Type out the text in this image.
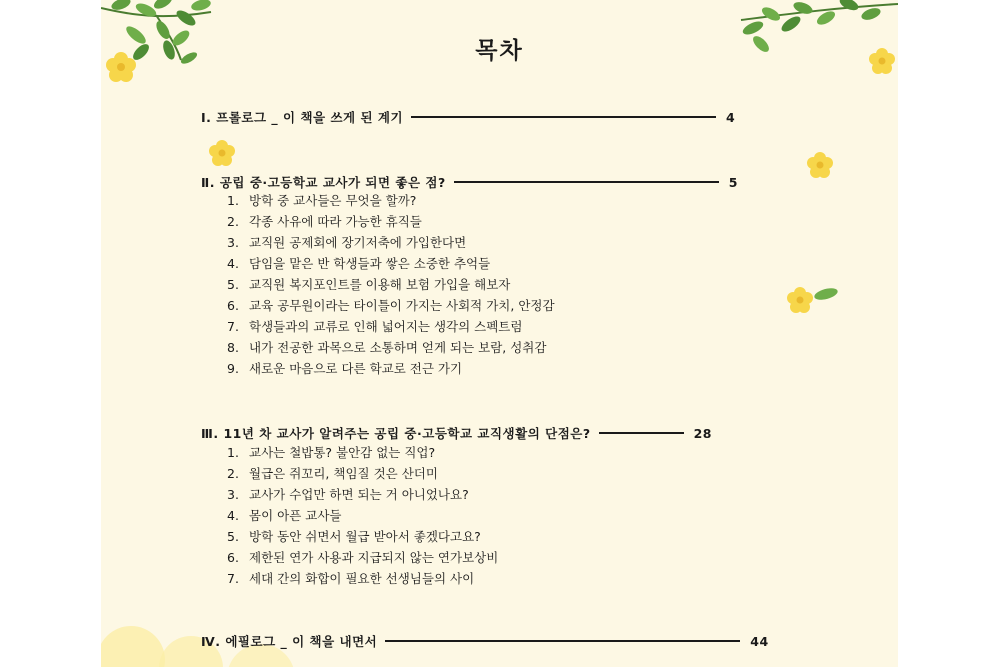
목차
Ⅰ.
프롤로그 _ 이 책을 쓰게 된 계기	4
Ⅱ.
공립 중·고등학교 교사가 되면 좋은 점?	5
1. 방학 중 교사들은 무엇을 할까?
2. 각종 사유에 따라 가능한 휴직들
3. 교직원 공제회에 장기저축에 가입한다면
4. 담임을 맡은 반 학생들과 쌓은 소중한 추억들
5. 교직원 복지포인트를 이용해 보험 가입을 해보자
6. 교육 공무원이라는 타이틀이 가지는 사회적 가치, 안정감
7. 학생들과의 교류로 인해 넓어지는 생각의 스펙트럼
8. 내가 전공한 과목으로 소통하며 얻게 되는 보람, 성취감
9. 새로운 마음으로 다른 학교로 전근 가기
Ⅲ.
11년 차 교사가 알려주는 공립 중·고등학교 교직생활의 단점은?	28
1. 교사는 철밥통? 불안감 없는 직업?
2. 월급은 쥐꼬리, 책임질 것은 산더미
3. 교사가 수업만 하면 되는 거 아니었나요?
4. 몸이 아픈 교사들
5. 방학 동안 쉬면서 월급 받아서 좋겠다고요?
6. 제한된 연가 사용과 지급되지 않는 연가보상비
7. 세대 간의 화합이 필요한 선생님들의 사이
Ⅳ.
에필로그 _ 이 책을 내면서	44
